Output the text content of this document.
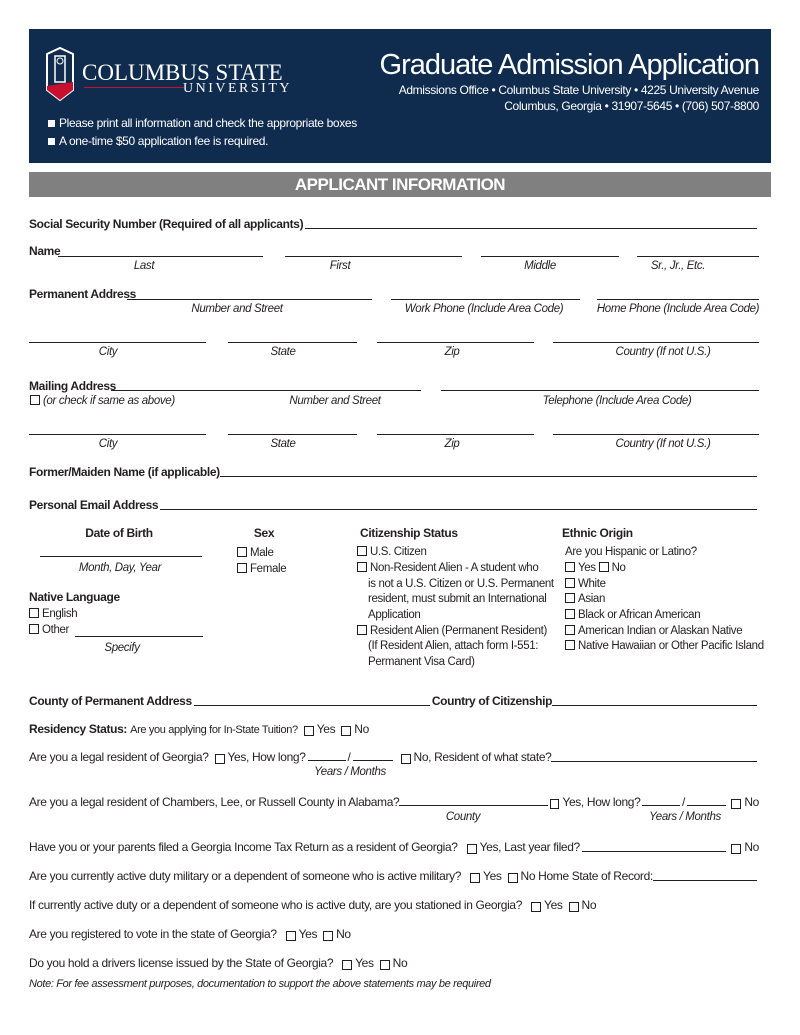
COLUMBUS STATE
UNIVERSITY
Graduate Admission Application
Admissions Office • Columbus State University • 4225 University Avenue
Columbus, Georgia • 31907-5645 • (706) 507-8800
Please print all information and check the appropriate boxes
A one-time $50 application fee is required.
APPLICANT INFORMATION
Social Security Number (Required of all applicants)
Name
Last	First	Middle	Sr., Jr., Etc.
Permanent Address
Number and Street	Work Phone (Include Area Code)	Home Phone (Include Area Code)
City	State	Zip	Country (If not U.S.)
Mailing Address
(or check if same as above)	Number and Street	Telephone (Include Area Code)
City	State	Zip	Country (If not U.S.)
Former/Maiden Name (if applicable)
Personal Email Address
Date of Birth
Month, Day, Year
Native Language
English
Other
Specify
Sex
Male
Female
Citizenship Status
U.S. Citizen
Non-Resident Alien - A student who
is not a U.S. Citizen or U.S. Permanent
resident, must submit an International
Application
Resident Alien (Permanent Resident)
(If Resident Alien, attach form I-551:
Permanent Visa Card)
Ethnic Origin
Are you Hispanic or Latino?
Yes No
White
Asian
Black or African American
American Indian or Alaskan Native
Native Hawaiian or Other Pacific Island
County of Permanent Address	Country of Citizenship
Residency Status:
Are you applying for In-State Tuition?
Yes
No
Are you a legal resident of Georgia?
Yes, How long?	/
	No, Resident of what state?
Years / Months
Are you a legal resident of Chambers, Lee, or Russell County in Alabama?	Yes, How long?	/
	No
County	Years / Months
Have you or your parents filed a Georgia Income Tax Return as a resident of Georgia?
Yes, Last year filed?
	No
Are you currently active duty military or a dependent of someone who is active military?
Yes
No Home State of Record:
If currently active duty or a dependent of someone who is active duty, are you stationed in Georgia?
Yes
No
Are you registered to vote in the state of Georgia?
Yes
No
Do you hold a drivers license issued by the State of Georgia?
Yes
No
Note: For fee assessment purposes, documentation to support the above statements may be required
